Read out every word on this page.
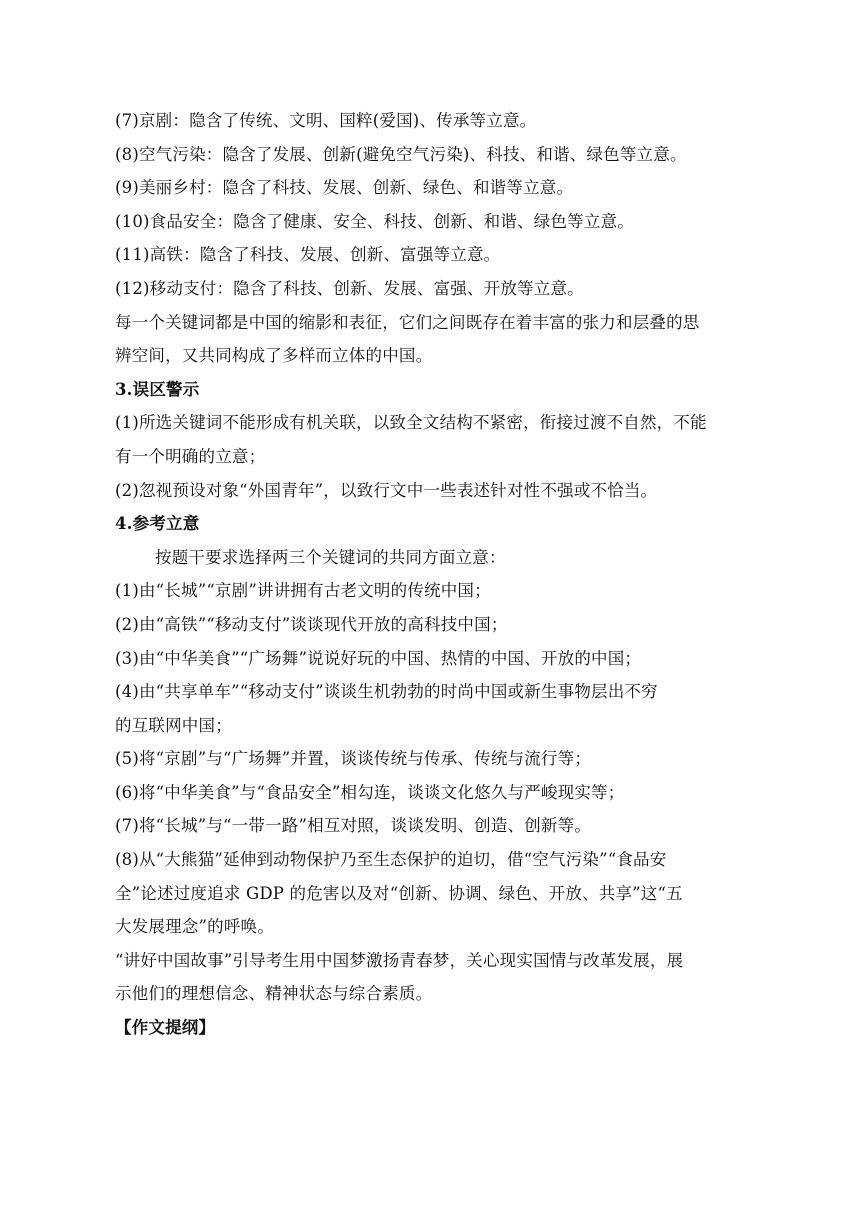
(7)京剧：隐含了传统、文明、国粹(爱国)、传承等立意。

(8)空气污染：隐含了发展、创新(避免空气污染)、科技、和谐、绿色等立意。

(9)美丽乡村：隐含了科技、发展、创新、绿色、和谐等立意。

(10)食品安全：隐含了健康、安全、科技、创新、和谐、绿色等立意。

(11)高铁：隐含了科技、发展、创新、富强等立意。

(12)移动支付：隐含了科技、创新、发展、富强、开放等立意。

每一个关键词都是中国的缩影和表征，它们之间既存在着丰富的张力和层叠的思

辨空间，又共同构成了多样而立体的中国。

3.误区警示

(1)所选关键词不能形成有机关联，以致全文结构不紧密，衔接过渡不自然，不能

有一个明确的立意；

(2)忽视预设对象“外国青年”，以致行文中一些表述针对性不强或不恰当。

4.参考立意

按题干要求选择两三个关键词的共同方面立意：

(1)由“长城”“京剧”讲讲拥有古老文明的传统中国；

(2)由“高铁”“移动支付”谈谈现代开放的高科技中国；

(3)由“中华美食”“广场舞”说说好玩的中国、热情的中国、开放的中国；

(4)由“共享单车”“移动支付”谈谈生机勃勃的时尚中国或新生事物层出不穷

的互联网中国；

(5)将“京剧”与“广场舞”并置，谈谈传统与传承、传统与流行等；

(6)将“中华美食”与“食品安全”相勾连，谈谈文化悠久与严峻现实等；

(7)将“长城”与“一带一路”相互对照，谈谈发明、创造、创新等。

(8)从“大熊猫”延伸到动物保护乃至生态保护的迫切，借“空气污染”“食品安

全”论述过度追求 GDP 的危害以及对“创新、协调、绿色、开放、共享”这“五

大发展理念”的呼唤。

“讲好中国故事”引导考生用中国梦激扬青春梦，关心现实国情与改革发展，展

示他们的理想信念、精神状态与综合素质。

【作文提纲】
